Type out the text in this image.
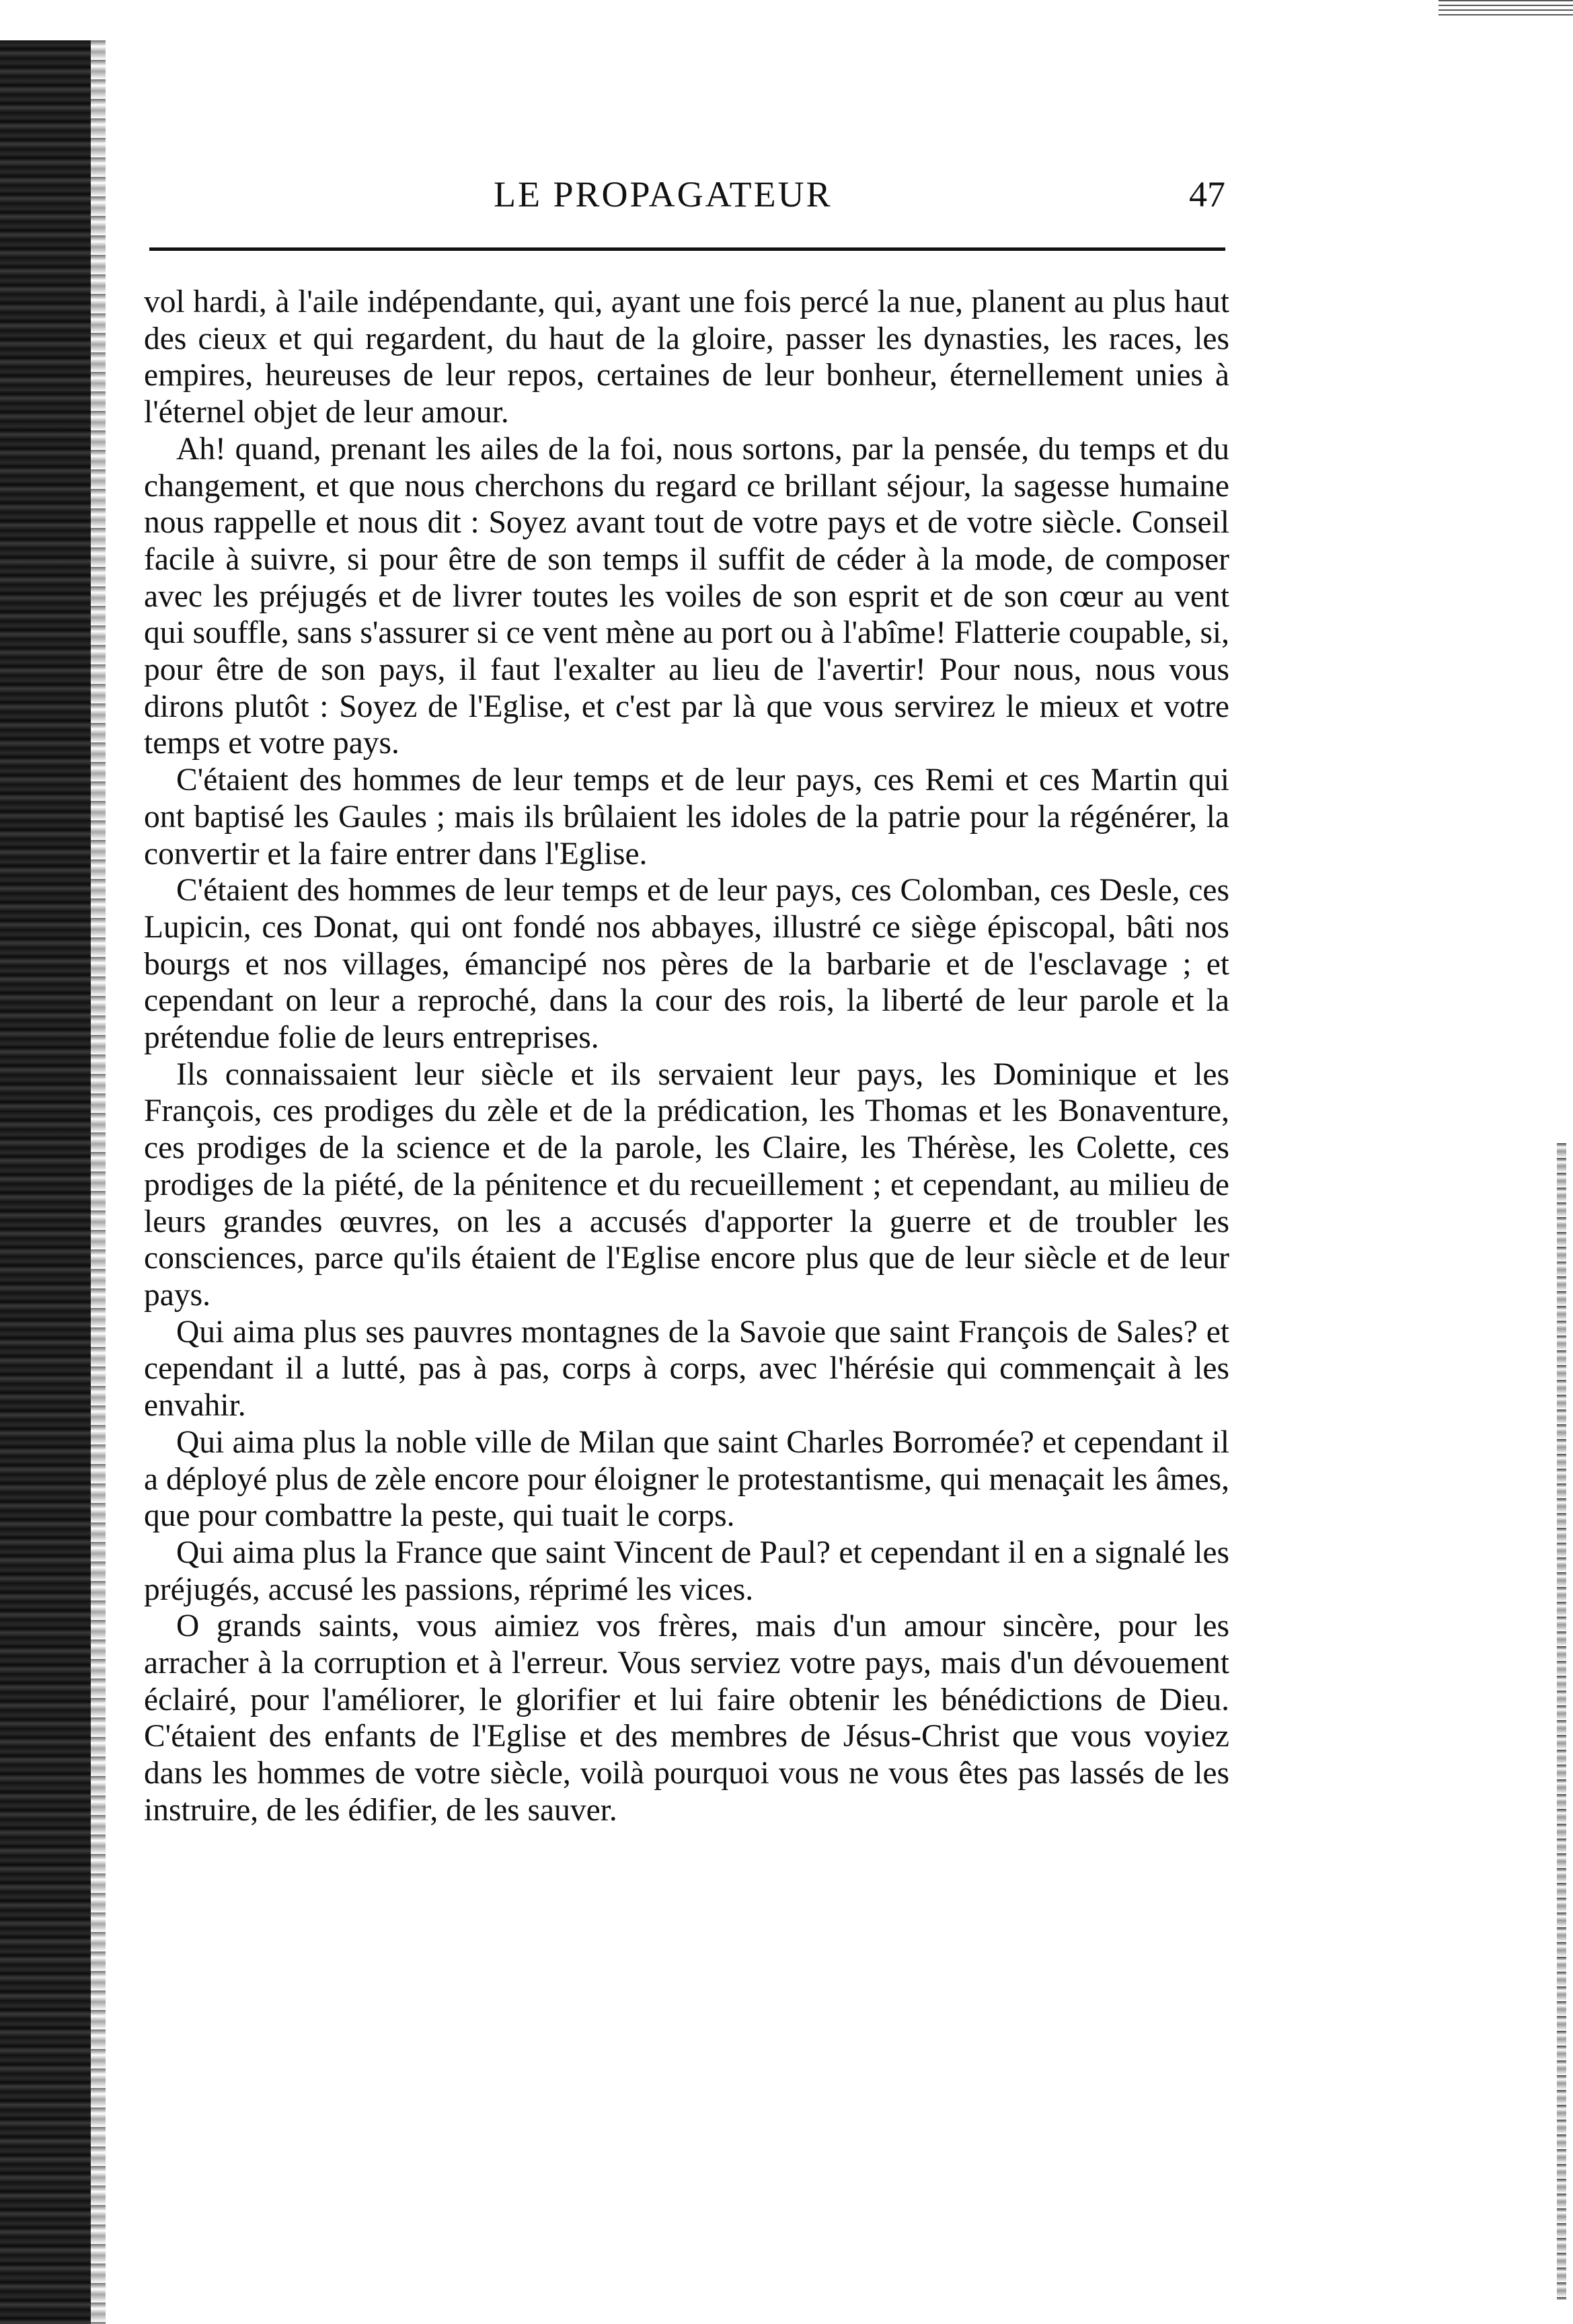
LE PROPAGATEUR	47

vol hardi, à l'aile indépendante, qui, ayant une fois percé la nue, planent au plus haut des cieux et qui regardent, du haut de la gloire, passer les dynasties, les races, les empires, heureuses de leur repos, certaines de leur bonheur, éternellement unies à l'éternel objet de leur amour.

Ah! quand, prenant les ailes de la foi, nous sortons, par la pensée, du temps et du changement, et que nous cherchons du regard ce brillant séjour, la sagesse humaine nous rappelle et nous dit : Soyez avant tout de votre pays et de votre siècle. Conseil facile à suivre, si pour être de son temps il suffit de céder à la mode, de composer avec les préjugés et de livrer toutes les voiles de son esprit et de son cœur au vent qui souffle, sans s'assurer si ce vent mène au port ou à l'abîme! Flatterie coupable, si, pour être de son pays, il faut l'exalter au lieu de l'avertir! Pour nous, nous vous dirons plutôt : Soyez de l'Eglise, et c'est par là que vous servirez le mieux et votre temps et votre pays.

C'étaient des hommes de leur temps et de leur pays, ces Remi et ces Martin qui ont baptisé les Gaules ; mais ils brûlaient les idoles de la patrie pour la régénérer, la convertir et la faire entrer dans l'Eglise.

C'étaient des hommes de leur temps et de leur pays, ces Colomban, ces Desle, ces Lupicin, ces Donat, qui ont fondé nos abbayes, illustré ce siège épiscopal, bâti nos bourgs et nos villages, émancipé nos pères de la barbarie et de l'esclavage ; et cependant on leur a reproché, dans la cour des rois, la liberté de leur parole et la prétendue folie de leurs entreprises.

Ils connaissaient leur siècle et ils servaient leur pays, les Dominique et les François, ces prodiges du zèle et de la prédication, les Thomas et les Bonaventure, ces prodiges de la science et de la parole, les Claire, les Thérèse, les Colette, ces prodiges de la piété, de la pénitence et du recueillement ; et cependant, au milieu de leurs grandes œuvres, on les a accusés d'apporter la guerre et de troubler les consciences, parce qu'ils étaient de l'Eglise encore plus que de leur siècle et de leur pays.

Qui aima plus ses pauvres montagnes de la Savoie que saint François de Sales? et cependant il a lutté, pas à pas, corps à corps, avec l'hérésie qui commençait à les envahir.

Qui aima plus la noble ville de Milan que saint Charles Borromée? et cependant il a déployé plus de zèle encore pour éloigner le protestantisme, qui menaçait les âmes, que pour combattre la peste, qui tuait le corps.

Qui aima plus la France que saint Vincent de Paul? et cependant il en a signalé les préjugés, accusé les passions, réprimé les vices.

O grands saints, vous aimiez vos frères, mais d'un amour sincère, pour les arracher à la corruption et à l'erreur. Vous serviez votre pays, mais d'un dévouement éclairé, pour l'améliorer, le glorifier et lui faire obtenir les bénédictions de Dieu. C'étaient des enfants de l'Eglise et des membres de Jésus-Christ que vous voyiez dans les hommes de votre siècle, voilà pourquoi vous ne vous êtes pas lassés de les instruire, de les édifier, de les sauver.
